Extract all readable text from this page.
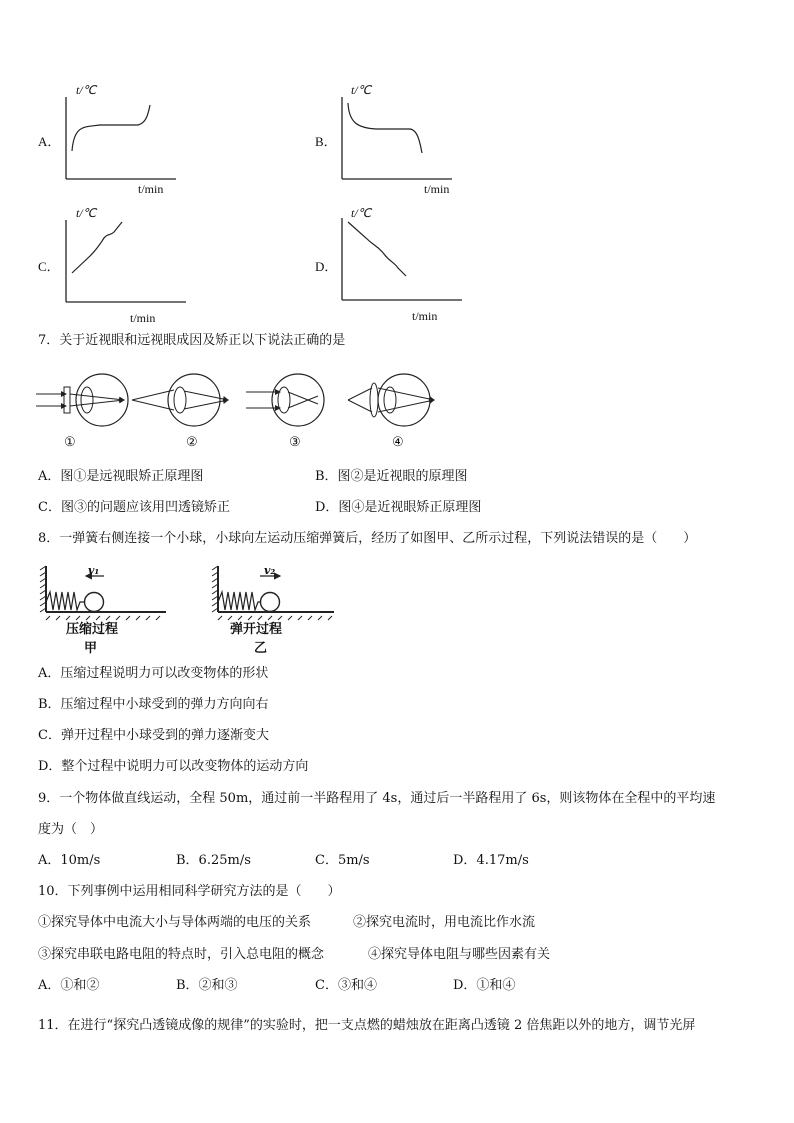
A．
t/℃
t/min
B．
t/℃
t/min
C．
t/℃
t/min
D．
t/℃
t/min
7．关于近视眼和远视眼成因及矫正以下说法正确的是
①	②	③	④
A．图①是远视眼矫正原理图	B．图②是近视眼的原理图
C．图③的问题应该用凹透镜矫正	D．图④是近视眼矫正原理图
8．一弹簧右侧连接一个小球，小球向左运动压缩弹簧后，经历了如图甲、乙所示过程，下列说法错误的是（　　）
v₁	v₂
压缩过程
甲
弹开过程
乙
A．压缩过程说明力可以改变物体的形状
B．压缩过程中小球受到的弹力方向向右
C．弹开过程中小球受到的弹力逐渐变大
D．整个过程中说明力可以改变物体的运动方向
9．一个物体做直线运动，全程 50m，通过前一半路程用了 4s，通过后一半路程用了 6s，则该物体在全程中的平均速
度为（　）
A．10m/s	B．6.25m/s	C．5m/s	D．4.17m/s
10．下列事例中运用相同科学研究方法的是（　　）
①探究导体中电流大小与导体两端的电压的关系	②探究电流时，用电流比作水流
③探究串联电路电阻的特点时，引入总电阻的概念	④探究导体电阻与哪些因素有关
A．①和②	B．②和③	C．③和④	D．①和④
11．在进行“探究凸透镜成像的规律”的实验时，把一支点燃的蜡烛放在距离凸透镜 2 倍焦距以外的地方，调节光屏
